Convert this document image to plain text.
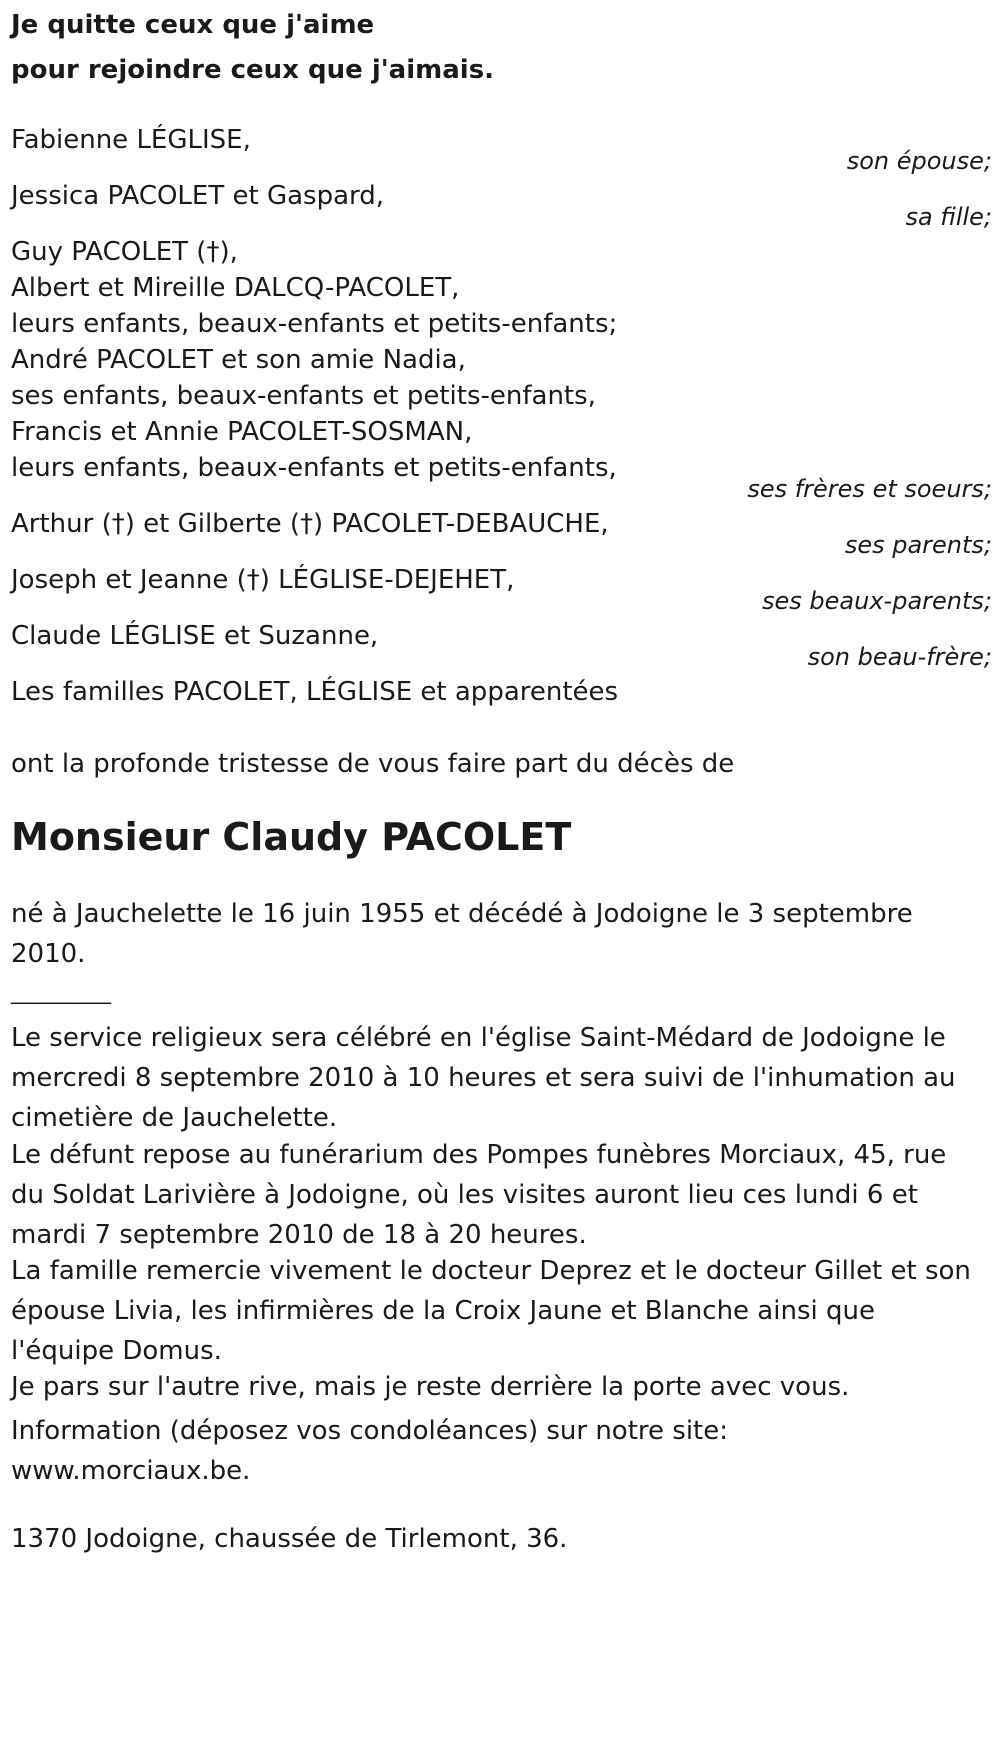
Je quitte ceux que j'aime
pour rejoindre ceux que j'aimais.
Fabienne LÉGLISE,
son épouse;
Jessica PACOLET et Gaspard,
sa fille;
Guy PACOLET (†),
Albert et Mireille DALCQ-PACOLET,
leurs enfants, beaux-enfants et petits-enfants;
André PACOLET et son amie Nadia,
ses enfants, beaux-enfants et petits-enfants,
Francis et Annie PACOLET-SOSMAN,
leurs enfants, beaux-enfants et petits-enfants,
ses frères et soeurs;
Arthur (†) et Gilberte (†) PACOLET-DEBAUCHE,
ses parents;
Joseph et Jeanne (†) LÉGLISE-DEJEHET,
ses beaux-parents;
Claude LÉGLISE et Suzanne,
son beau-frère;
Les familles PACOLET, LÉGLISE et apparentées
ont la profonde tristesse de vous faire part du décès de
Monsieur Claudy PACOLET
né à Jauchelette le 16 juin 1955 et décédé à Jodoigne le 3 septembre 2010.
__________
Le service religieux sera célébré en l'église Saint-Médard de Jodoigne le mercredi 8 septembre 2010 à 10 heures et sera suivi de l'inhumation au cimetière de Jauchelette.
Le défunt repose au funérarium des Pompes funèbres Morciaux, 45, rue du Soldat Larivière à Jodoigne, où les visites auront lieu ces lundi 6 et mardi 7 septembre 2010 de 18 à 20 heures.
La famille remercie vivement le docteur Deprez et le docteur Gillet et son épouse Livia, les infirmières de la Croix Jaune et Blanche ainsi que l'équipe Domus.
Je pars sur l'autre rive, mais je reste derrière la porte avec vous.
Information (déposez vos condoléances) sur notre site: www.morciaux.be.
1370 Jodoigne, chaussée de Tirlemont, 36.
